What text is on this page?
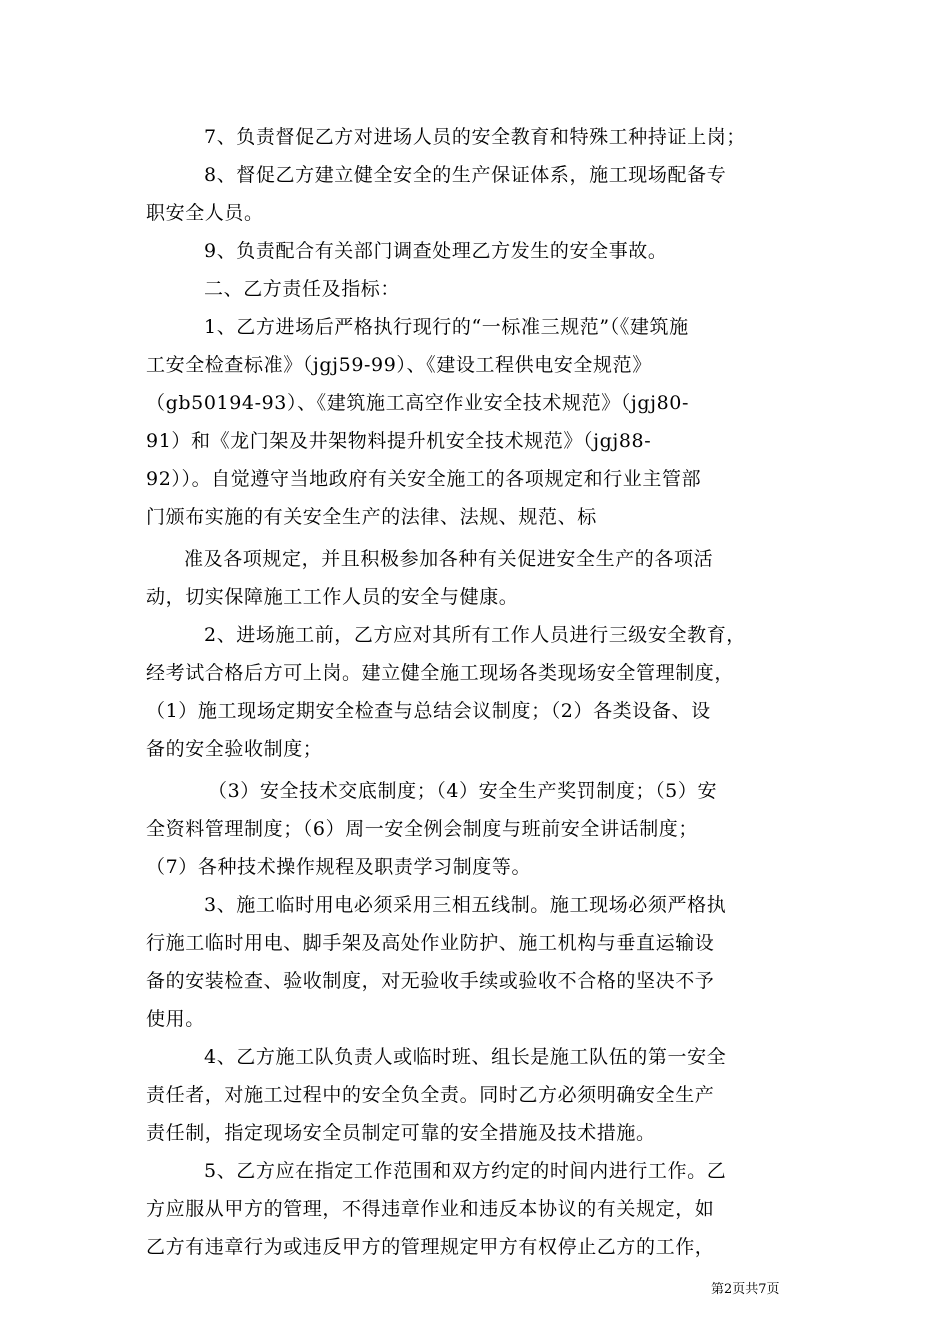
7、负责督促乙方对进场人员的安全教育和特殊工种持证上岗；
8、督促乙方建立健全安全的生产保证体系，施工现场配备专
职安全人员。
9、负责配合有关部门调查处理乙方发生的安全事故。
二、乙方责任及指标：
1、乙方进场后严格执行现行的“一标准三规范”（《建筑施
工安全检查标准》（jgj59-99）、《建设工程供电安全规范》
（gb50194-93）、《建筑施工高空作业安全技术规范》（jgj80-
91）和《龙门架及井架物料提升机安全技术规范》（jgj88-
92））。自觉遵守当地政府有关安全施工的各项规定和行业主管部
门颁布实施的有关安全生产的法律、法规、规范、标
准及各项规定，并且积极参加各种有关促进安全生产的各项活
动，切实保障施工工作人员的安全与健康。
2、进场施工前，乙方应对其所有工作人员进行三级安全教育，
经考试合格后方可上岗。建立健全施工现场各类现场安全管理制度，
（1）施工现场定期安全检查与总结会议制度；（2）各类设备、设
备的安全验收制度；
（3）安全技术交底制度；（4）安全生产奖罚制度；（5）安
全资料管理制度；（6）周一安全例会制度与班前安全讲话制度；
（7）各种技术操作规程及职责学习制度等。
3、施工临时用电必须采用三相五线制。施工现场必须严格执
行施工临时用电、脚手架及高处作业防护、施工机构与垂直运输设
备的安装检查、验收制度，对无验收手续或验收不合格的坚决不予
使用。
4、乙方施工队负责人或临时班、组长是施工队伍的第一安全
责任者，对施工过程中的安全负全责。同时乙方必须明确安全生产
责任制，指定现场安全员制定可靠的安全措施及技术措施。
5、乙方应在指定工作范围和双方约定的时间内进行工作。乙
方应服从甲方的管理，不得违章作业和违反本协议的有关规定，如
乙方有违章行为或违反甲方的管理规定甲方有权停止乙方的工作，
第2页共7页
